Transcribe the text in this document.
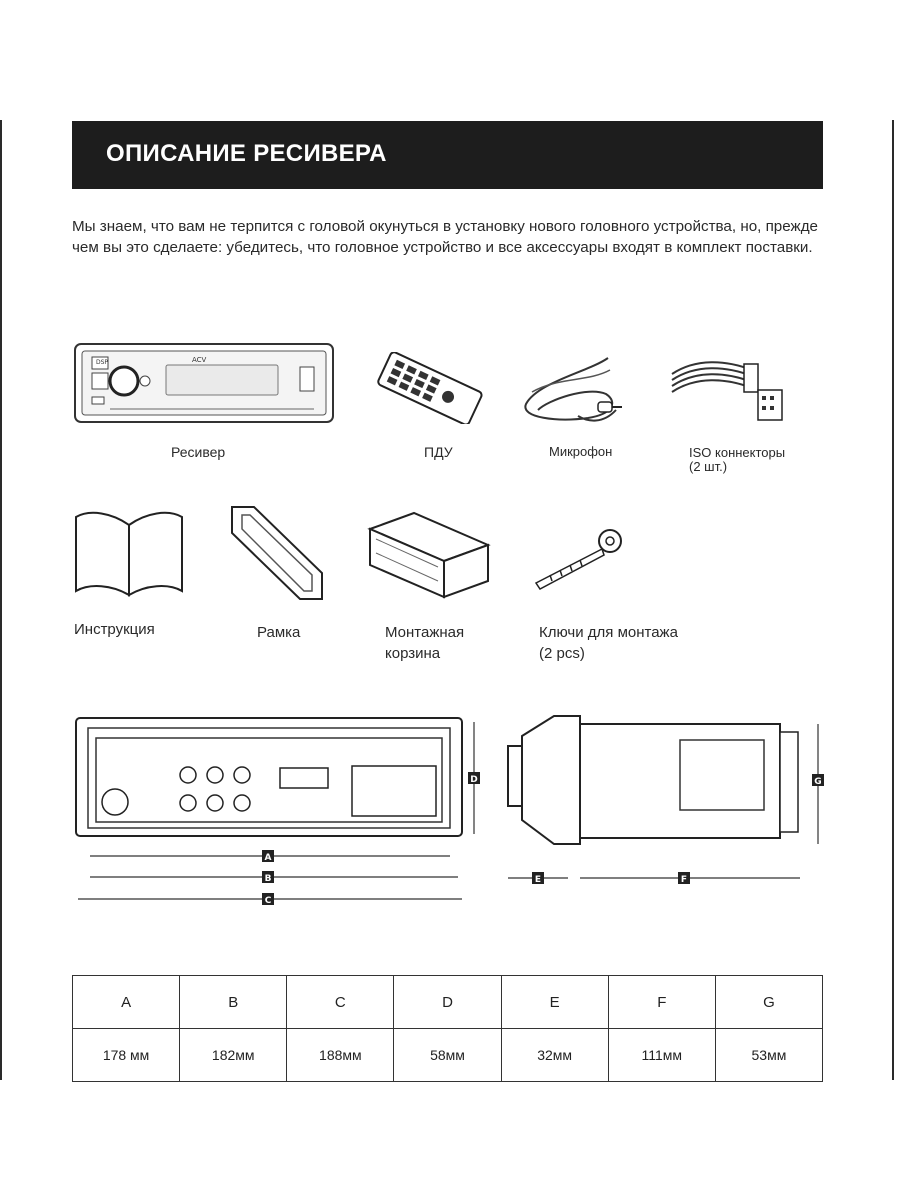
ОПИСАНИЕ РЕСИВЕРА

Мы знаем, что вам не терпится с головой окунуться в установку нового головного устройства, но, прежде чем вы это сделаете: убедитесь, что головное устройство и все аксессуары входят в комплект поставки.

DSP	ACV
Ресивер	ПДУ	Микрофон	ISO коннекторы
(2 шт.)
Инструкция	Рамка	Монтажная
корзина
Ключи для монтажа
(2 pcs)
A
B
C
D
E	F
G
A	B	C	D	E	F	G
178 мм	182мм	188мм	58мм	32мм	111мм	53мм
